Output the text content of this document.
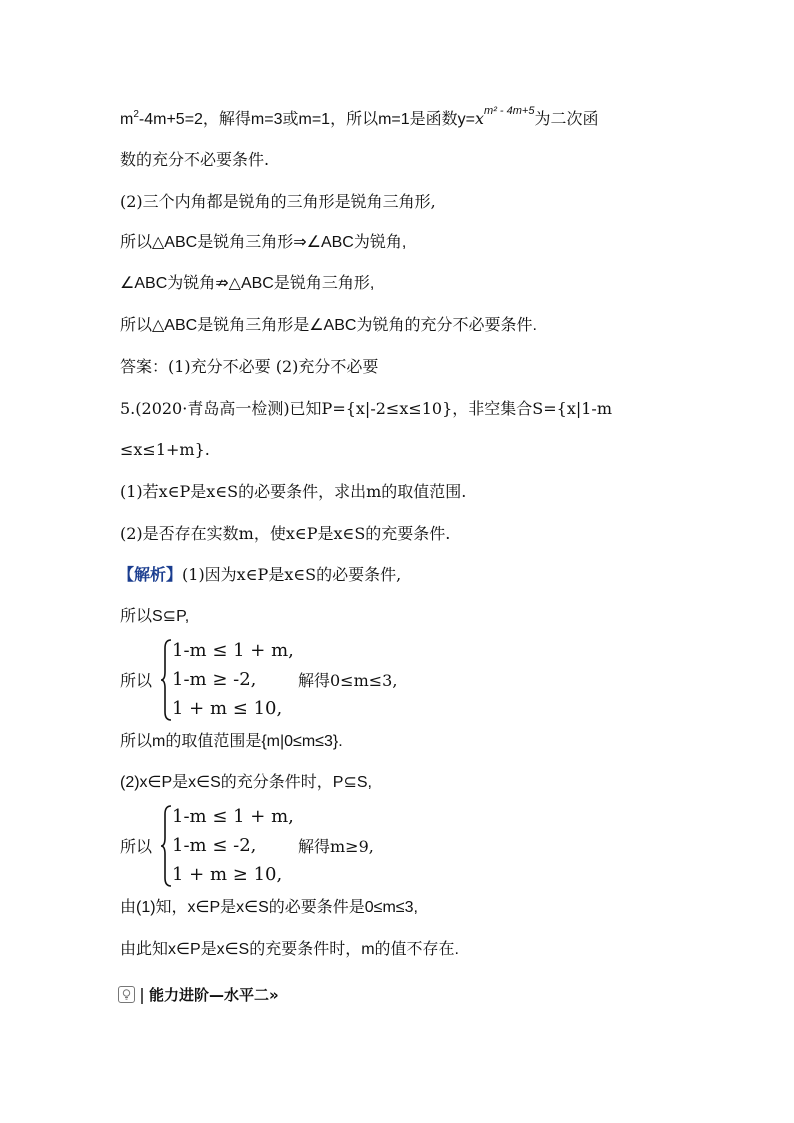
$m^2-4m+5=2$，解得m=3或m=1，所以m=1是函数$y=x^{m^2 - 4m+5}$为二次函
数的充分不必要条件.
(2)三个内角都是锐角的三角形是锐角三角形,
所以△ABC是锐角三角形⇒∠ABC为锐角,
∠ABC为锐角⇏△ABC是锐角三角形,
所以△ABC是锐角三角形是∠ABC为锐角的充分不必要条件.
答案：(1)充分不必要 (2)充分不必要
5.(2020·青岛高一检测)已知P={x|-2≤x≤10}，非空集合S={x|1-m
≤x≤1+m}.
(1)若x∈P是x∈S的必要条件，求出m的取值范围.
(2)是否存在实数m，使x∈P是x∈S的充要条件.
【解析】(1)因为x∈P是x∈S的必要条件,
所以S⊆P,
所以
1-m ≤ 1 + m,
1-m ≥ -2,
1 + m ≤ 10,
解得0≤m≤3,
所以m的取值范围是{m|0≤m≤3}.
(2)x∈P是x∈S的充分条件时，P⊆S,
所以
1-m ≤ 1 + m,
1-m ≤ -2,
1 + m ≥ 10,
解得m≥9,
由(1)知，x∈P是x∈S的必要条件是0≤m≤3,
由此知x∈P是x∈S的充要条件时，m的值不存在.
能力进阶—水平二»
